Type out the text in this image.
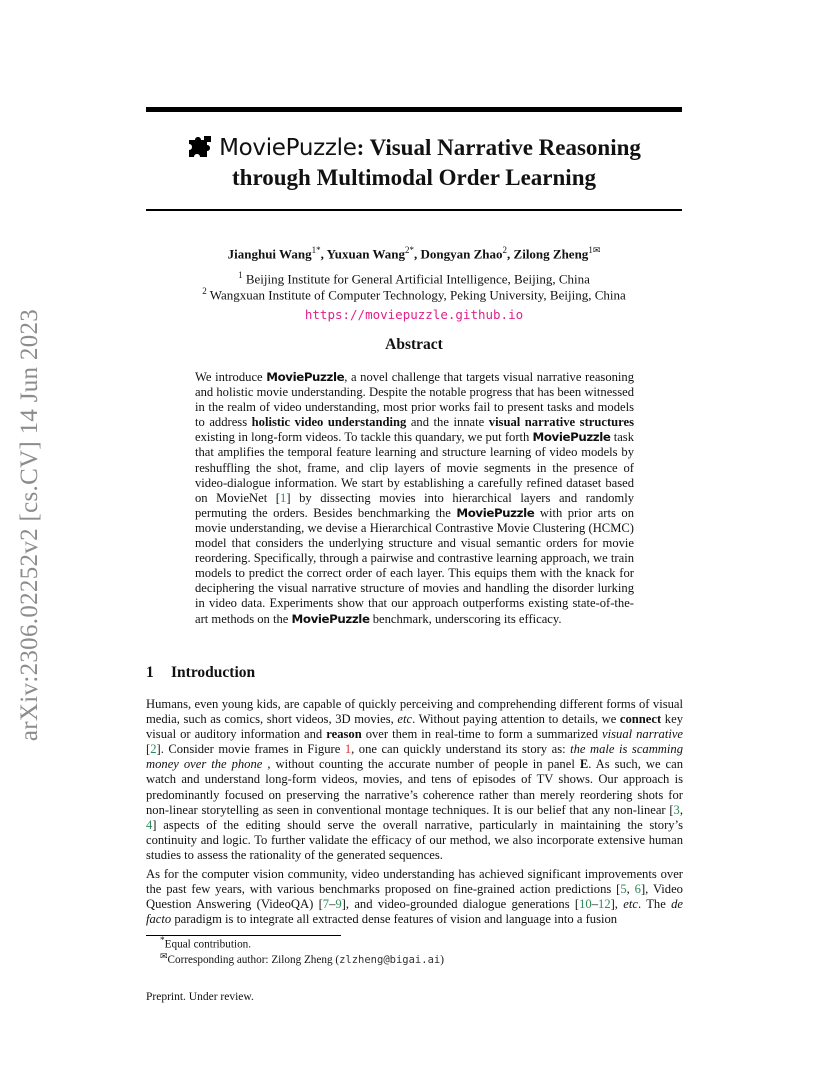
arXiv:2306.02252v2 [cs.CV] 14 Jun 2023
MoviePuzzle: Visual Narrative Reasoning
through Multimodal Order Learning
Jianghui Wang$^{1*}$, Yuxuan Wang$^{2*}$, Dongyan Zhao$^2$, Zilong Zheng$^{1✉}$
$^1$ Beijing Institute for General Artificial Intelligence, Beijing, China
$^2$ Wangxuan Institute of Computer Technology, Peking University, Beijing, China
https://moviepuzzle.github.io
Abstract
We introduce MoviePuzzle, a novel challenge that targets visual narrative reasoning and holistic movie understanding. Despite the notable progress that has been witnessed in the realm of video understanding, most prior works fail to present tasks and models to address holistic video understanding and the innate visual narrative structures existing in long-form videos. To tackle this quandary, we put forth MoviePuzzle task that amplifies the temporal feature learning and structure learning of video models by reshuffling the shot, frame, and clip layers of movie segments in the presence of video-dialogue information. We start by establishing a carefully refined dataset based on MovieNet [1] by dissecting movies into hierarchical layers and randomly permuting the orders. Besides benchmarking the MoviePuzzle with prior arts on movie understanding, we devise a Hierarchical Contrastive Movie Clustering (HCMC) model that considers the underlying structure and visual semantic orders for movie reordering. Specifically, through a pairwise and contrastive learning approach, we train models to predict the correct order of each layer. This equips them with the knack for deciphering the visual narrative structure of movies and handling the disorder lurking in video data. Experiments show that our approach outperforms existing state-of-the-art methods on the MoviePuzzle benchmark, underscoring its efficacy.
1 Introduction
Humans, even young kids, are capable of quickly perceiving and comprehending different forms of visual media, such as comics, short videos, 3D movies, etc. Without paying attention to details, we connect key visual or auditory information and reason over them in real-time to form a summarized visual narrative [2]. Consider movie frames in Figure 1, one can quickly understand its story as: the male is scamming money over the phone , without counting the accurate number of people in panel E. As such, we can watch and understand long-form videos, movies, and tens of episodes of TV shows. Our approach is predominantly focused on preserving the narrative’s coherence rather than merely reordering shots for non-linear storytelling as seen in conventional montage techniques. It is our belief that any non-linear [3, 4] aspects of the editing should serve the overall narrative, particularly in maintaining the story’s continuity and logic. To further validate the efficacy of our method, we also incorporate extensive human studies to assess the rationality of the generated sequences.
As for the computer vision community, video understanding has achieved significant improvements over the past few years, with various benchmarks proposed on fine-grained action predictions [5, 6], Video Question Answering (VideoQA) [7–9], and video-grounded dialogue generations [10–12], etc. The de facto paradigm is to integrate all extracted dense features of vision and language into a fusion
*Equal contribution.
✉Corresponding author: Zilong Zheng (zlzheng@bigai.ai)
Preprint. Under review.
